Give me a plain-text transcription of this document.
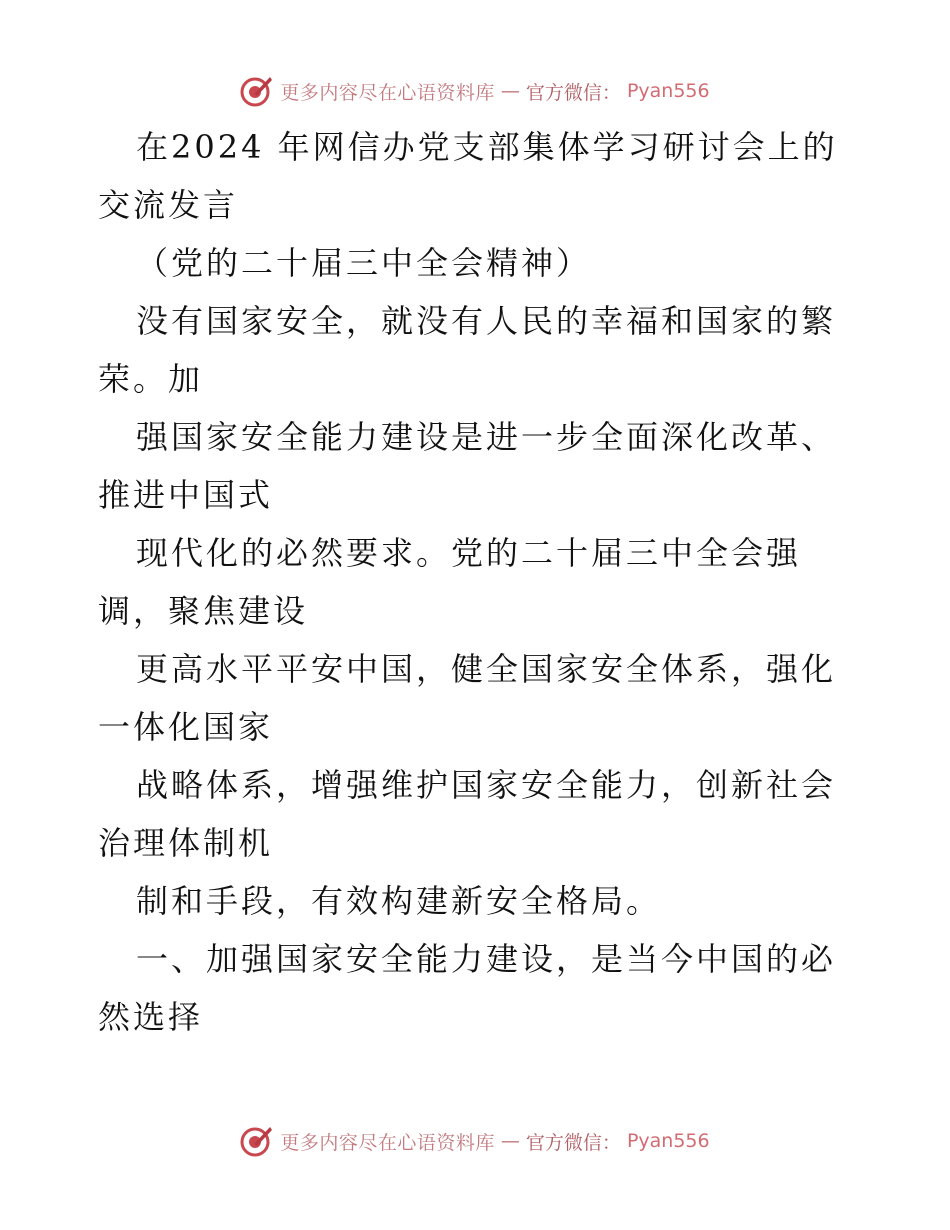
更多内容尽在心语资料库 — 官方微信： Pyan556

在2024 年网信办党支部集体学习研讨会上的交流发言

（党的二十届三中全会精神）

没有国家安全，就没有人民的幸福和国家的繁荣。加

强国家安全能力建设是进一步全面深化改革、推进中国式

现代化的必然要求。党的二十届三中全会强调，聚焦建设

更高水平平安中国，健全国家安全体系，强化一体化国家

战略体系，增强维护国家安全能力，创新社会治理体制机

制和手段，有效构建新安全格局。

一、加强国家安全能力建设，是当今中国的必然选择

更多内容尽在心语资料库 — 官方微信： Pyan556
